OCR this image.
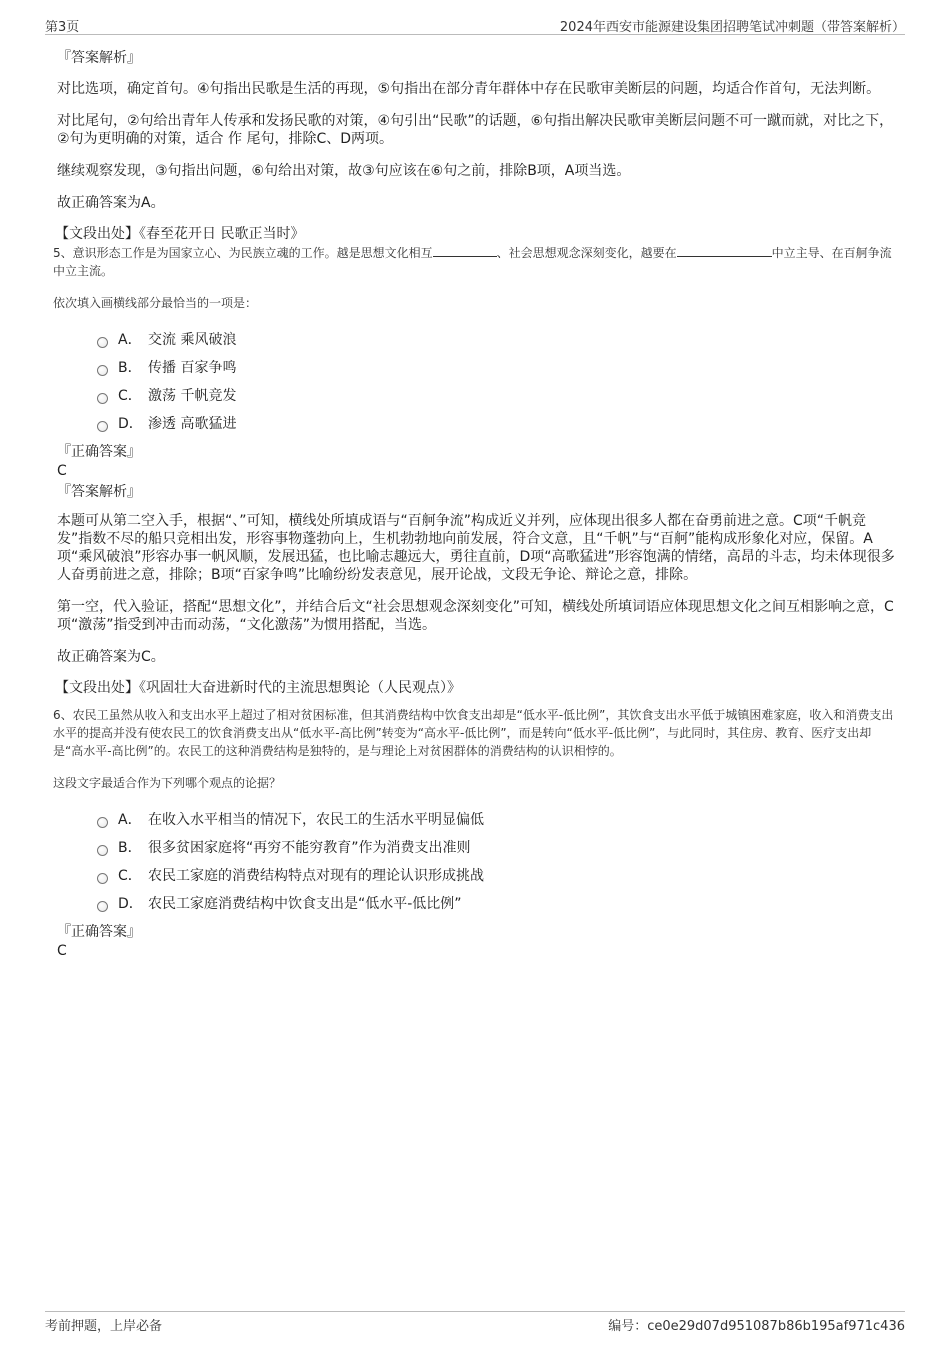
第3页	2024年西安市能源建设集团招聘笔试冲刺题（带答案解析）
『答案解析』

对比选项，确定首句。④句指出民歌是生活的再现，⑤句指出在部分青年群体中存在民歌审美断层的问题，均适合作首句，无法判断。

对比尾句，②句给出青年人传承和发扬民歌的对策，④句引出“民歌”的话题，⑥句指出解决民歌审美断层问题不可一蹴而就，对比之下，②句为更明确的对策，适合 作 尾句，排除C、D两项。

继续观察发现，③句指出问题，⑥句给出对策，故③句应该在⑥句之前，排除B项，A项当选。

故正确答案为A。

【文段出处】《春至花开日 民歌正当时》

5、意识形态工作是为国家立心、为民族立魂的工作。越是思想文化相互	、社会思想观念深刻变化，越要在	中立主导、在百舸争流中立主流。

依次填入画横线部分最恰当的一项是：

A． 交流 乘风破浪
B． 传播 百家争鸣
C． 激荡 千帆竞发
D． 渗透 高歌猛进
『正确答案』
C
『答案解析』

本题可从第二空入手，根据“、”可知，横线处所填成语与“百舸争流”构成近义并列，应体现出很多人都在奋勇前进之意。C项“千帆竞发”指数不尽的船只竞相出发，形容事物蓬勃向上，生机勃勃地向前发展，符合文意，且“千帆”与“百舸”能构成形象化对应，保留。A项“乘风破浪”形容办事一帆风顺，发展迅猛，也比喻志趣远大，勇往直前，D项“高歌猛进”形容饱满的情绪，高昂的斗志，均未体现很多人奋勇前进之意，排除；B项“百家争鸣”比喻纷纷发表意见，展开论战，文段无争论、辩论之意，排除。

第一空，代入验证，搭配“思想文化”，并结合后文“社会思想观念深刻变化”可知，横线处所填词语应体现思想文化之间互相影响之意，C项“激荡”指受到冲击而动荡，“文化激荡”为惯用搭配，当选。

故正确答案为C。

【文段出处】《巩固壮大奋进新时代的主流思想舆论（人民观点）》

6、农民工虽然从收入和支出水平上超过了相对贫困标准，但其消费结构中饮食支出却是“低水平-低比例”，其饮食支出水平低于城镇困难家庭，收入和消费支出水平的提高并没有使农民工的饮食消费支出从“低水平-高比例”转变为“高水平-低比例”，而是转向“低水平-低比例”，与此同时，其住房、教育、医疗支出却是“高水平-高比例”的。农民工的这种消费结构是独特的，是与理论上对贫困群体的消费结构的认识相悖的。

这段文字最适合作为下列哪个观点的论据？

A． 在收入水平相当的情况下，农民工的生活水平明显偏低
B． 很多贫困家庭将“再穷不能穷教育”作为消费支出准则
C． 农民工家庭的消费结构特点对现有的理论认识形成挑战
D． 农民工家庭消费结构中饮食支出是“低水平-低比例”
『正确答案』
C
考前押题，上岸必备	编号：ce0e29d07d951087b86b195af971c436
